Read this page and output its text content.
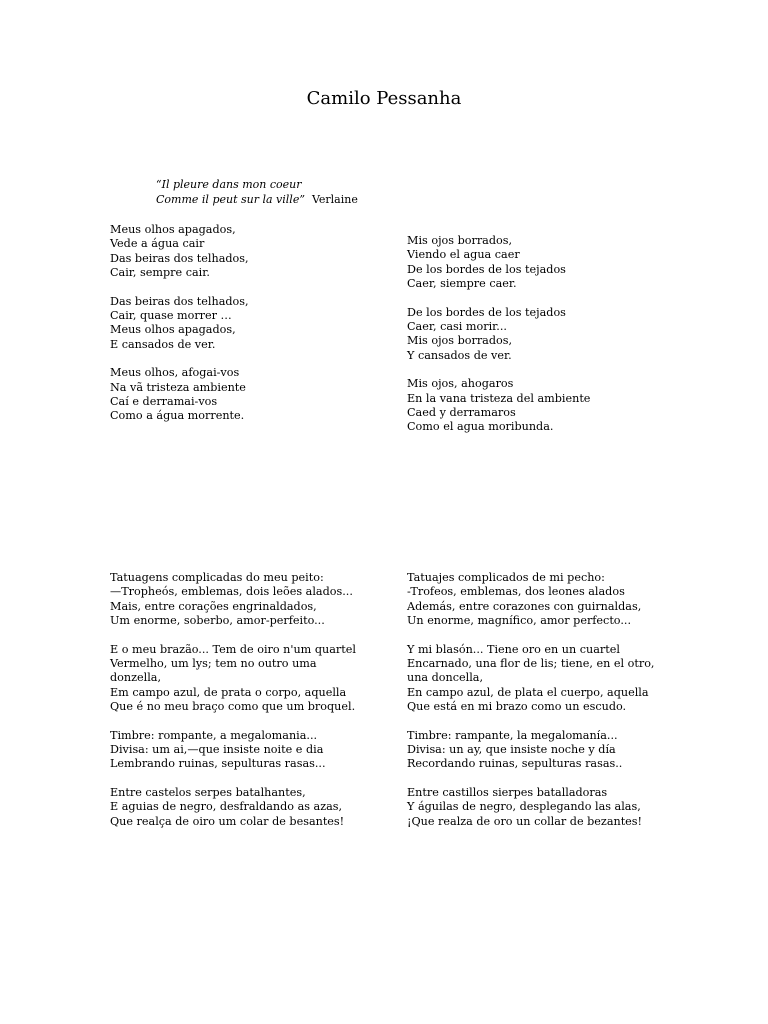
Camilo Pessanha
“Il pleure dans mon coeur
Comme il peut sur la ville” Verlaine
Meus olhos apagados,
Vede a água cair
Das beiras dos telhados,
Cair, sempre cair.
Das beiras dos telhados,
Cair, quase morrer …
Meus olhos apagados,
E cansados de ver.
Meus olhos, afogai-vos
Na vã tristeza ambiente
Caí e derramai-vos
Como a água morrente.
Mis ojos borrados,
Viendo el agua caer
De los bordes de los tejados
Caer, siempre caer.
De los bordes de los tejados
Caer, casi morir...
Mis ojos borrados,
Y cansados de ver.
Mis ojos, ahogaros
En la vana tristeza del ambiente
Caed y derramaros
Como el agua moribunda.
Tatuagens complicadas do meu peito:
—Tropheós, emblemas, dois leões alados...
Mais, entre corações engrinaldados,
Um enorme, soberbo, amor-perfeito...
E o meu brazão... Tem de oiro n'um quartel
Vermelho, um lys; tem no outro uma
donzella,
Em campo azul, de prata o corpo, aquella
Que é no meu braço como que um broquel.
Timbre: rompante, a megalomania...
Divisa: um ai,—que insiste noite e dia
Lembrando ruinas, sepulturas rasas...
Entre castelos serpes batalhantes,
E aguias de negro, desfraldando as azas,
Que realça de oiro um colar de besantes!
Tatuajes complicados de mi pecho:
-Trofeos, emblemas, dos leones alados
Además, entre corazones con guirnaldas,
Un enorme, magnífico, amor perfecto...
Y mi blasón... Tiene oro en un cuartel
Encarnado, una flor de lis; tiene, en el otro,
una doncella,
En campo azul, de plata el cuerpo, aquella
Que está en mi brazo como un escudo.
Timbre: rampante, la megalomanía...
Divisa: un ay, que insiste noche y día
Recordando ruinas, sepulturas rasas..
Entre castillos sierpes batalladoras
Y águilas de negro, desplegando las alas,
¡Que realza de oro un collar de bezantes!
